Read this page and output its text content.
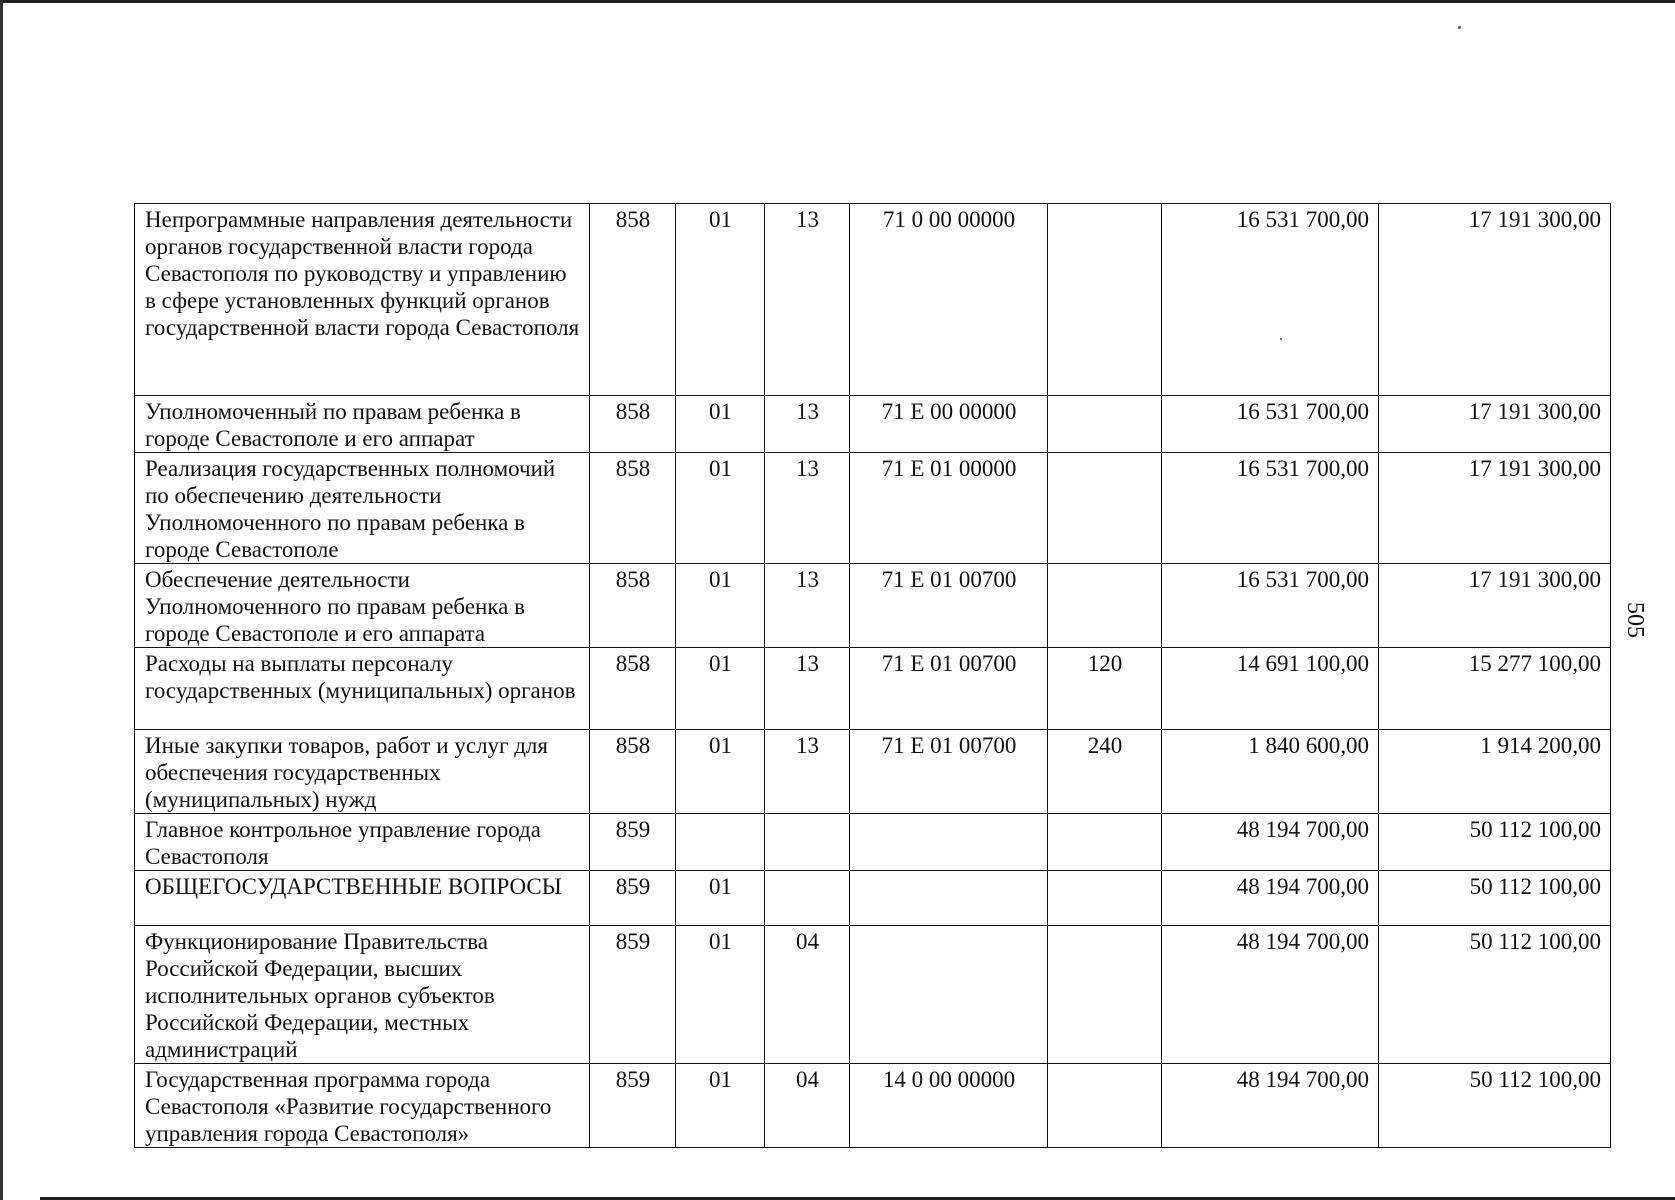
Непрограммные направления деятельности органов государственной власти города Севастополя по руководству и управлению в сфере установленных функций органов государственной власти города Севастополя	858	01	13	71 0 00 00000		16 531 700,00	17 191 300,00
Уполномоченный по правам ребенка в городе Севастополе и его аппарат	858	01	13	71 Е 00 00000		16 531 700,00	17 191 300,00
Реализация государственных полномочий по обеспечению деятельности Уполномоченного по правам ребенка в городе Севастополе	858	01	13	71 Е 01 00000		16 531 700,00	17 191 300,00
Обеспечение деятельности Уполномоченного по правам ребенка в городе Севастополе и его аппарата	858	01	13	71 Е 01 00700		16 531 700,00	17 191 300,00
Расходы на выплаты персоналу государственных (муниципальных) органов	858	01	13	71 Е 01 00700	120	14 691 100,00	15 277 100,00
Иные закупки товаров, работ и услуг для обеспечения государственных (муниципальных) нужд	858	01	13	71 Е 01 00700	240	1 840 600,00	1 914 200,00
Главное контрольное управление города Севастополя	859					48 194 700,00	50 112 100,00
ОБЩЕГОСУДАРСТВЕННЫЕ ВОПРОСЫ	859	01				48 194 700,00	50 112 100,00
Функционирование Правительства Российской Федерации, высших исполнительных органов субъектов Российской Федерации, местных администраций	859	01	04			48 194 700,00	50 112 100,00
Государственная программа города Севастополя «Развитие государственного управления города Севастополя»	859	01	04	14 0 00 00000		48 194 700,00	50 112 100,00
505
